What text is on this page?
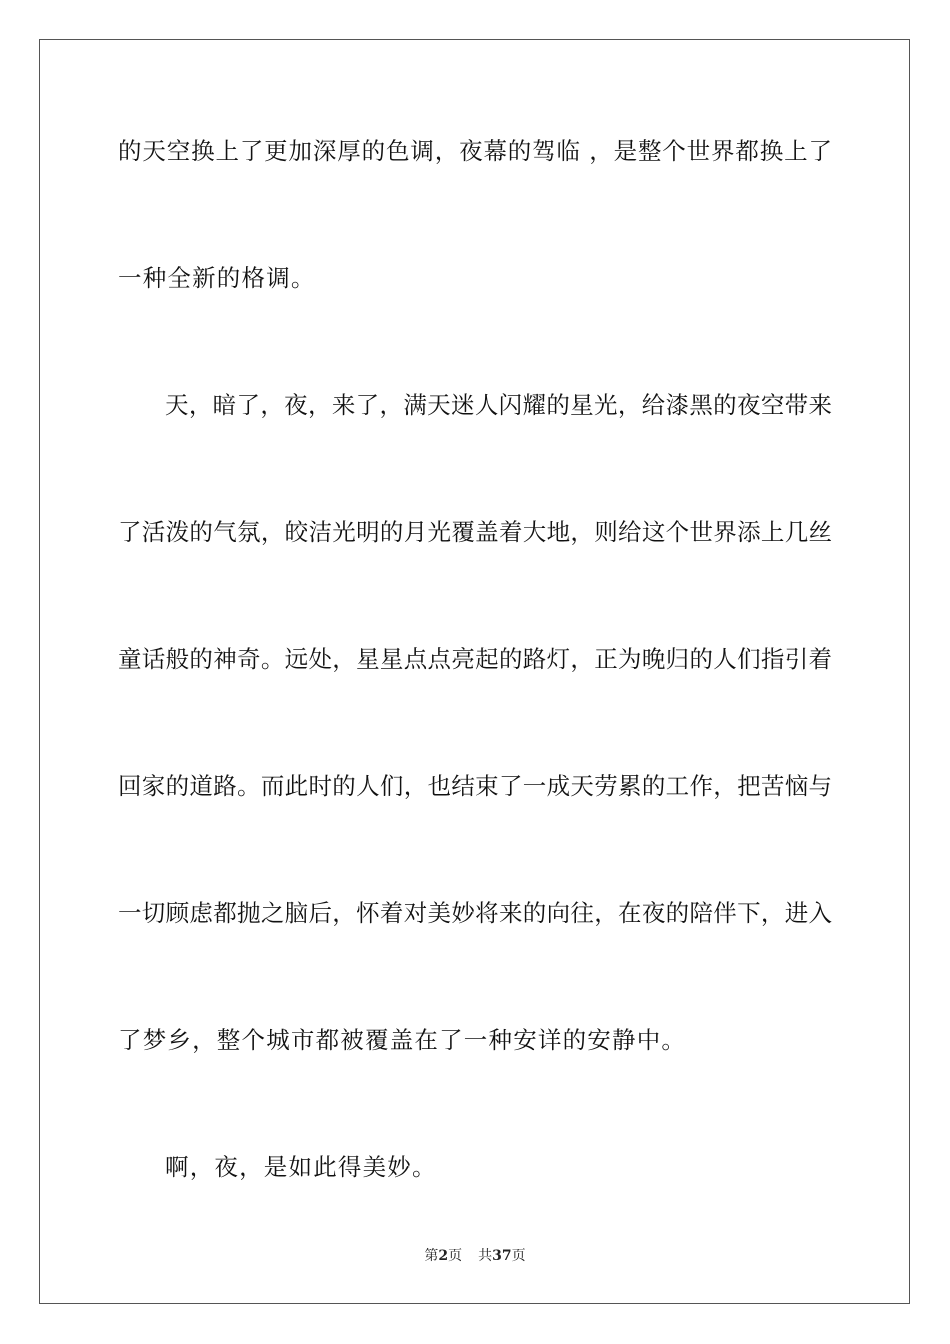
的天空换上了更加深厚的色调，夜幕的驾临 ，是整个世界都换上了
一种全新的格调。
天，暗了，夜，来了，满天迷人闪耀的星光，给漆黑的夜空带来
了活泼的气氛，皎洁光明的月光覆盖着大地，则给这个世界添上几丝
童话般的神奇。远处，星星点点亮起的路灯，正为晚归的人们指引着
回家的道路。而此时的人们，也结束了一成天劳累的工作，把苦恼与
一切顾虑都抛之脑后，怀着对美妙将来的向往，在夜的陪伴下，进入
了梦乡，整个城市都被覆盖在了一种安详的安静中。
啊，夜，是如此得美妙。
第2页 共37页
